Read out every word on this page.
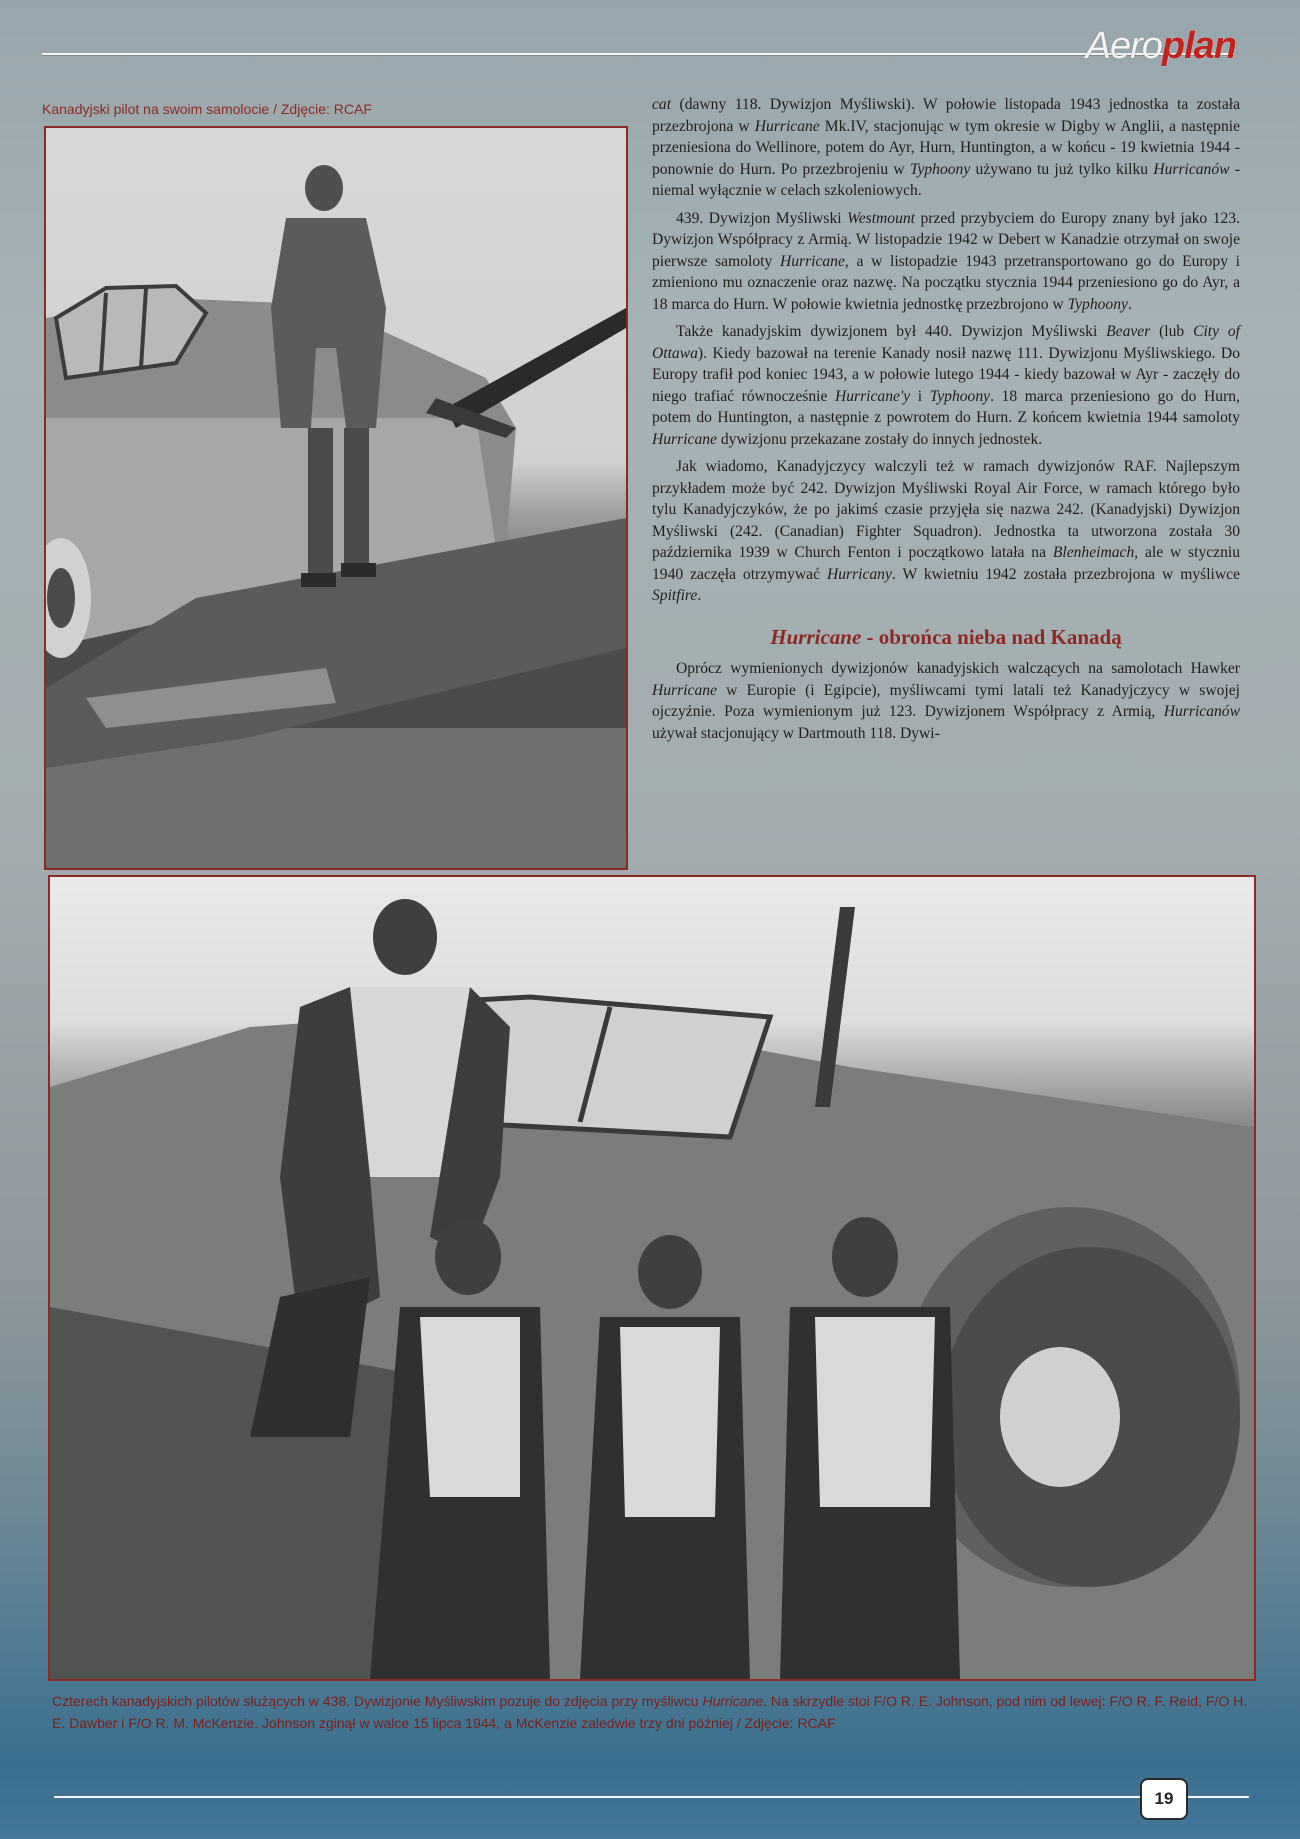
Aeroplan
Kanadyjski pilot na swoim samolocie / Zdjęcie: RCAF	cat (dawny 118. Dywizjon Myśliwski). W połowie listopada 1943 jednostka ta została przezbrojona w Hurricane Mk.IV, stacjonując w tym okresie w Digby w Anglii, a następnie przeniesiona do Wellinore, potem do Ayr, Hurn, Huntington, a w końcu - 19 kwietnia 1944 - ponownie do Hurn. Po przezbrojeniu w Typhoony używano tu już tylko kilku Hurricanów - niemal wyłącznie w celach szkoleniowych.

439. Dywizjon Myśliwski Westmount przed przybyciem do Europy znany był jako 123. Dywizjon Współpracy z Armią. W listopadzie 1942 w Debert w Kanadzie otrzymał on swoje pierwsze samoloty Hurricane, a w listopadzie 1943 przetransportowano go do Europy i zmieniono mu oznaczenie oraz nazwę. Na początku stycznia 1944 przeniesiono go do Ayr, a 18 marca do Hurn. W połowie kwietnia jednostkę przezbrojono w Typhoony.

Także kanadyjskim dywizjonem był 440. Dywizjon Myśliwski Beaver (lub City of Ottawa). Kiedy bazował na terenie Kanady nosił nazwę 111. Dywizjonu Myśliwskiego. Do Europy trafił pod koniec 1943, a w połowie lutego 1944 - kiedy bazował w Ayr - zaczęły do niego trafiać równocześnie Hurricane'y i Typhoony. 18 marca przeniesiono go do Hurn, potem do Huntington, a następnie z powrotem do Hurn. Z końcem kwietnia 1944 samoloty Hurricane dywizjonu przekazane zostały do innych jednostek.

Jak wiadomo, Kanadyjczycy walczyli też w ramach dywizjonów RAF. Najlepszym przykładem może być 242. Dywizjon Myśliwski Royal Air Force, w ramach którego było tylu Kanadyjczyków, że po jakimś czasie przyjęła się nazwa 242. (Kanadyjski) Dywizjon Myśliwski (242. (Canadian) Fighter Squadron). Jednostka ta utworzona została 30 października 1939 w Church Fenton i początkowo latała na Blenheimach, ale w styczniu 1940 zaczęła otrzymywać Hurricany. W kwietniu 1942 została przezbrojona w myśliwce Spitfire.

Hurricane - obrońca nieba nad Kanadą

Oprócz wymienionych dywizjonów kanadyjskich walczących na samolotach Hawker Hurricane w Europie (i Egipcie), myśliwcami tymi latali też Kanadyjczycy w swojej ojczyźnie. Poza wymienionym już 123. Dywizjonem Współpracy z Armią, Hurricanów używał stacjonujący w Dartmouth 118. Dywi-

Czterech kanadyjskich pilotów służących w 438. Dywizjonie Myśliwskim pozuje do zdjęcia przy myśliwcu Hurricane. Na skrzydle stoi F/O R. E. Johnson, pod nim od lewej: F/O R. F. Reid, F/O H. E. Dawber i F/O R. M. McKenzie. Johnson zginął w walce 15 lipca 1944, a McKenzie zaledwie trzy dni później / Zdjęcie: RCAF
19
